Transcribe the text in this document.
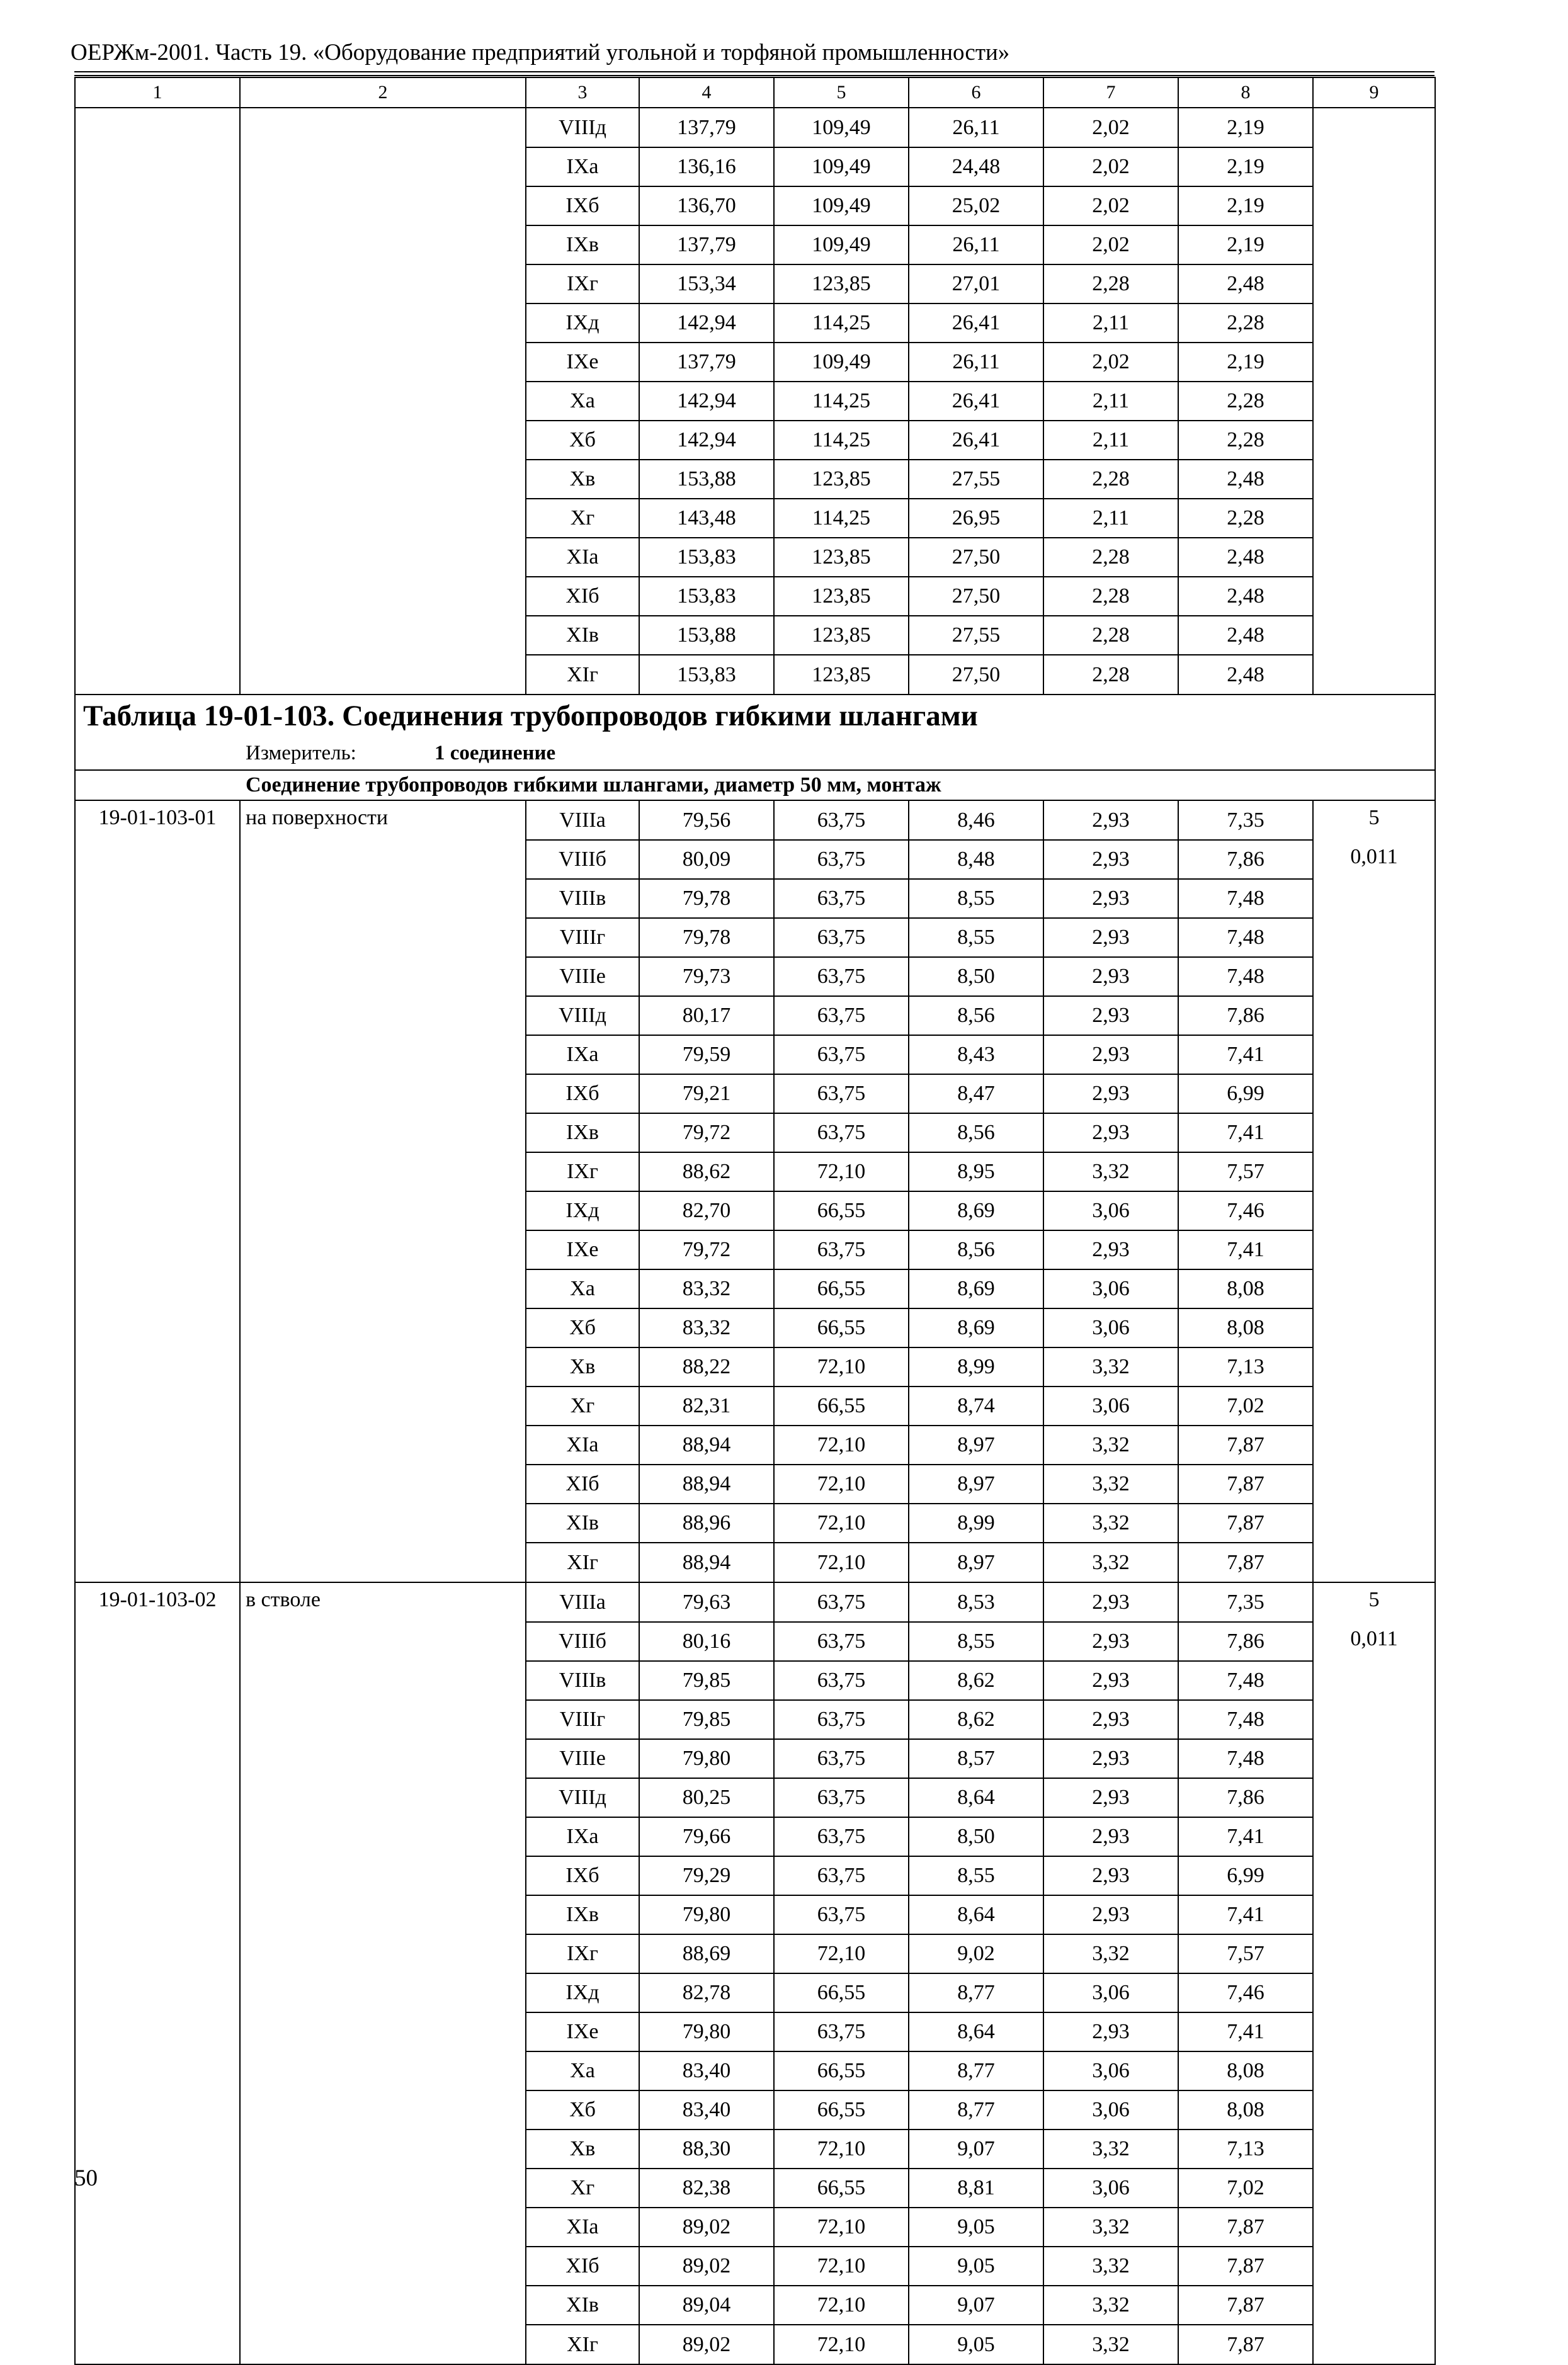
ОЕРЖм-2001. Часть 19. «Оборудование предприятий угольной и торфяной промышленности»
1	2	3	4	5	6	7	8	9
		VIIIд	137,79	109,49	26,11	2,02	2,19	
		IXа	136,16	109,49	24,48	2,02	2,19	
		IXб	136,70	109,49	25,02	2,02	2,19	
		IXв	137,79	109,49	26,11	2,02	2,19	
		IXг	153,34	123,85	27,01	2,28	2,48	
		IXд	142,94	114,25	26,41	2,11	2,28	
		IXе	137,79	109,49	26,11	2,02	2,19	
		Xа	142,94	114,25	26,41	2,11	2,28	
		Xб	142,94	114,25	26,41	2,11	2,28	
		Xв	153,88	123,85	27,55	2,28	2,48	
		Xг	143,48	114,25	26,95	2,11	2,28	
		XIа	153,83	123,85	27,50	2,28	2,48	
		XIб	153,83	123,85	27,50	2,28	2,48	
		XIв	153,88	123,85	27,55	2,28	2,48	
		XIг	153,83	123,85	27,50	2,28	2,48	

Таблица 19-01-103. Соединения трубопроводов гибкими шлангами
Измеритель: 1 соединение
Соединение трубопроводов гибкими шлангами, диаметр 50 мм, монтаж								

19-01-103-01	на поверхности	VIIIа	79,56	63,75	8,46	2,93	7,35	5
		VIIIб	80,09	63,75	8,48	2,93	7,86	0,011
		VIIIв	79,78	63,75	8,55	2,93	7,48	
		VIIIг	79,78	63,75	8,55	2,93	7,48	
		VIIIе	79,73	63,75	8,50	2,93	7,48	
		VIIIд	80,17	63,75	8,56	2,93	7,86	
		IXа	79,59	63,75	8,43	2,93	7,41	
		IXб	79,21	63,75	8,47	2,93	6,99	
		IXв	79,72	63,75	8,56	2,93	7,41	
		IXг	88,62	72,10	8,95	3,32	7,57	
		IXд	82,70	66,55	8,69	3,06	7,46	
		IXе	79,72	63,75	8,56	2,93	7,41	
		Xа	83,32	66,55	8,69	3,06	8,08	
		Xб	83,32	66,55	8,69	3,06	8,08	
		Xв	88,22	72,10	8,99	3,32	7,13	
		Xг	82,31	66,55	8,74	3,06	7,02	
		XIа	88,94	72,10	8,97	3,32	7,87	
		XIб	88,94	72,10	8,97	3,32	7,87	
		XIв	88,96	72,10	8,99	3,32	7,87	
		XIг	88,94	72,10	8,97	3,32	7,87	
19-01-103-02	в стволе	VIIIа	79,63	63,75	8,53	2,93	7,35	5
		VIIIб	80,16	63,75	8,55	2,93	7,86	0,011
		VIIIв	79,85	63,75	8,62	2,93	7,48	
		VIIIг	79,85	63,75	8,62	2,93	7,48	
		VIIIе	79,80	63,75	8,57	2,93	7,48	
		VIIIд	80,25	63,75	8,64	2,93	7,86	
		IXа	79,66	63,75	8,50	2,93	7,41	
		IXб	79,29	63,75	8,55	2,93	6,99	
		IXв	79,80	63,75	8,64	2,93	7,41	
		IXг	88,69	72,10	9,02	3,32	7,57	
		IXд	82,78	66,55	8,77	3,06	7,46	
		IXе	79,80	63,75	8,64	2,93	7,41	
		Xа	83,40	66,55	8,77	3,06	8,08	
		Xб	83,40	66,55	8,77	3,06	8,08	
		Xв	88,30	72,10	9,07	3,32	7,13	
		Xг	82,38	66,55	8,81	3,06	7,02	
		XIа	89,02	72,10	9,05	3,32	7,87	
		XIб	89,02	72,10	9,05	3,32	7,87	
		XIв	89,04	72,10	9,07	3,32	7,87	
		XIг	89,02	72,10	9,05	3,32	7,87	
50
